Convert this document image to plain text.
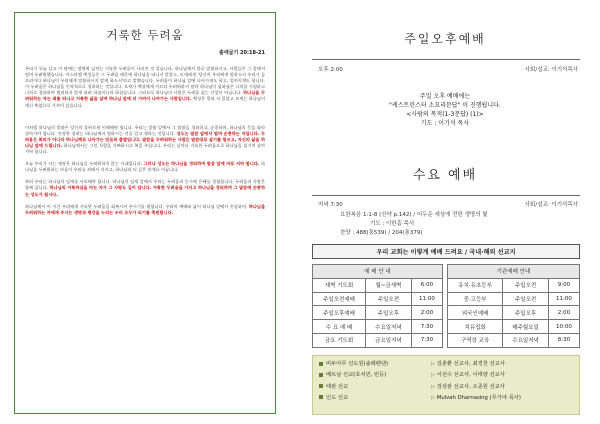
거룩한 두려움
출애굽기 20:18-21
우리가 오늘 살고 이 땅에는 생명력 넘치는 거룩한 두려움이 사라진 것 같습니다. 하나님께서 불로 말씀하시고, 사람들은 그 앞에서 떨며 두려워했습니다. 이스라엘 백성들은 그 두려움 때문에 하나님을 떠나지 않았고, 모세에게 '당신이 우리에게 말하소서 우리가 들으리이다 하나님이 우리에게 말씀하시지 말게 하소서'라고 말했습니다. 두려움이 하나님 앞에 나아가게도 하고, 멀어지게도 합니다. 이 두려움은 하나님을 인격적으로 경외하는 것입니다. 모세가 백성에게 이르되 두려워하지 말라 하나님이 임하심은 너희를 시험하고 너희로 경외하여 범죄하지 않게 하려 하심이니라 하셨습니다. 그러므로 하나님의 사람은 두려움 없는 신앙이 아닙니다. 하나님을 두려워하는 자는 죄를 떠나고 거룩한 삶을 살며 하나님 앞에 더 가까이 나아가는 사람입니다. 백성은 멀리 서 있었고 모세는 하나님이 계신 흑암으로 가까이 갔습니다.
이처럼 하나님의 말씀은 당신의 올바르게 이해해야 합니다. 우리는 말씀 앞에서 그 말씀을 경외하고, 순종하며, 하나님의 뜻을 따라 살아가야 합니다. 진정한 경외는 하나님께서 원하시는 것을 알고 행하는 것입니다. 성도는 말씀 앞에서 떨며 순종하는 자입니다. 두려움은 회피가 아니라 하나님께로 나아가는 믿음의 출발입니다. 말씀을 두려워하는 사람은 말씀대로 살기를 힘쓰고, 자신의 삶을 하나님 앞에 드립니다. 하나님께서는 그런 사람을 기뻐하시고 복을 주십니다. 우리는 날마다 거룩한 두려움으로 하나님을 섬기며 살아가야 합니다.
오늘 우리가 사는 세상은 하나님을 두려워하지 않는 시대입니다. 그러나 성도는 하나님을 경외하며 말씀 앞에 바로 서야 합니다. 하나님을 두려워하는 마음이 우리를 죄에서 지키고, 하나님과 더 깊은 관계로 이끕니다.
특히 우리는 하나님의 임재를 사모해야 합니다. 하나님의 임재 앞에서 우리는 두려움과 동시에 은혜를 경험합니다. 두려움과 사랑은 함께 갑니다. 하나님의 거룩하심을 아는 자가 그 사랑도 깊이 압니다. 거룩한 두려움을 가지고 하나님을 경외하며 그 말씀에 순종하는 성도가 됩시다.
하나님께서 이 시간 우리에게 거룩한 두려움을 회복시켜 주시기를 원합니다. 우리의 예배와 삶이 하나님 앞에서 진실하며, 하나님을 두려워하는 자에게 주시는 생명과 평강을 누리는 우리 모두가 되기를 축원합니다.
주일오후예배
오후 2:00	사회/설교: 이기석목사
주일 오후 예배에는
"케스트린스터 소요리문답" 이 진행됩니다.
<사람의 목적(1-3문답) (1)>
기도 : 이기석 목사
수요 예배
저녁 7:30	사회/설교: 이기석목사
요한복음 1:1-8 (신약 p.142) / 어두운 세상에 전한 생명의 빛
기도 : 이한흠 목사
찬양 : 488(통539) / 204(통379)
우리 교회는 이렇게 예배 드려요 / 국내·해외 선교지
예 배 안 내		
새벽 기도회	월~금새벽	6:00
주일오전예배	주일오전	11:00
주일오후예배	주일오후	2:00
수 요 예 배	수요일저녁	7:30
금요 기도회	금요일저녁	7:30
기관예배 안내		
유치·유초등부	주일오전	9:00
중·고등부	주일오전	11:00
외국인예배	주일오후	2:00
치유집회	매주월요일	10:00
구역장 교육	수요일저녁	8:30
비두아무 선도원(솔레펜댄)	▷ 김춘환 선교사, 최경천 선교사
베트남 선교(호치민, 빈등)	▷ 이선수 선교사, 이태양 선교사
태관 선교	▷ 김상관 선교사, 오종원 선교사
인도 선교	▷ Mulvah Dharnasing (무가야 목사)
